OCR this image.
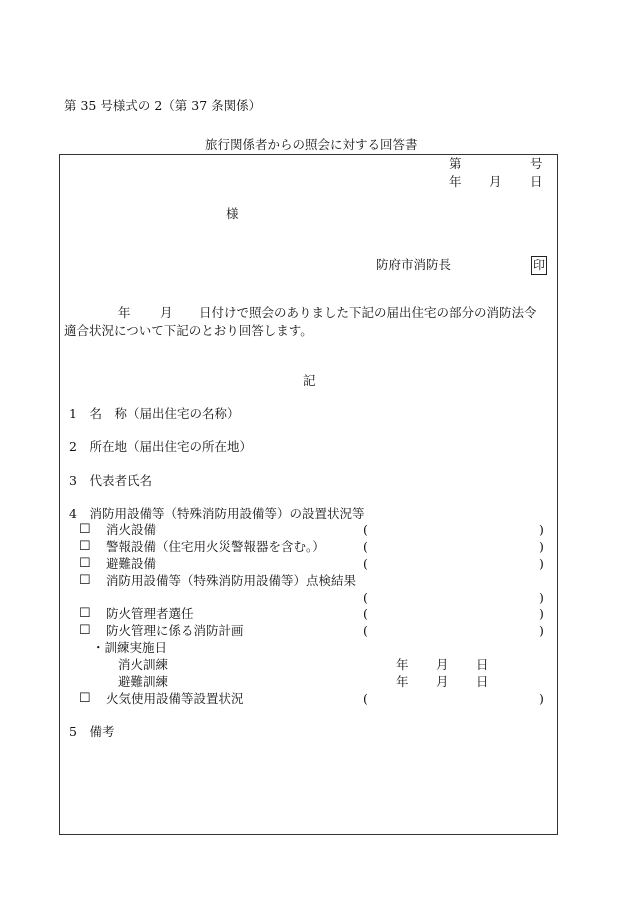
第 35 号様式の 2（第 37 条関係）
旅行関係者からの照会に対する回答書
第	号
年 月 日
様
防府市消防長	印
年 月 日付けで照会のありました下記の届出住宅の部分の消防法令
適合状況について下記のとおり回答します。
記
1　名　称（届出住宅の名称）
2　所在地（届出住宅の所在地）
3　代表者氏名
4　消防用設備等（特殊消防用設備等）の設置状況等
☐ 消火設備	(	)
☐ 警報設備（住宅用火災警報器を含む。）	(	)
☐ 避難設備	(	)
☐ 消防用設備等（特殊消防用設備等）点検結果
(	)
☐ 防火管理者選任	(	)
☐ 防火管理に係る消防計画	(	)
・訓練実施日
消火訓練	年 月 日
避難訓練	年 月 日
☐ 火気使用設備等設置状況	(	)
5　備考
